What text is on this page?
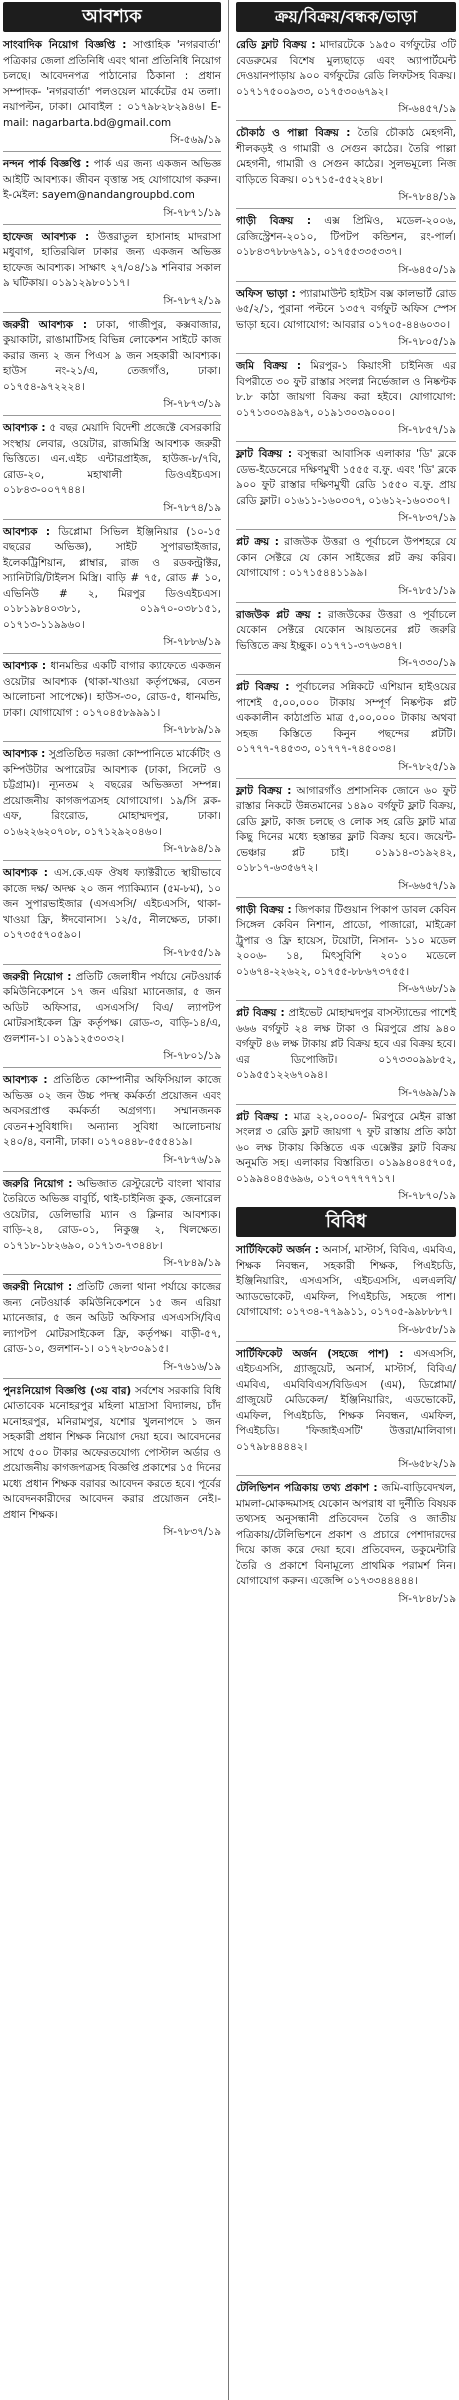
আবশ্যক
সাংবাদিক নিয়োগ বিজ্ঞপ্তি : সাপ্তাহিক 'নগরবার্তা' পত্রিকার জেলা প্রতিনিধি এবং থানা প্রতিনিধি নিয়োগ চলছে। আবেদনপত্র পাঠানোর ঠিকানা : প্রধান সম্পাদক- 'নগরবার্তা' পলওয়েল মার্কেটের ৫ম তলা। নয়াপল্টন, ঢাকা। মোবাইল : ০১৭৯৮২৮২৯৪৬। E-mail: nagarbarta.bd@gmail.com
সি-৫৬৯/১৯
নন্দন পার্ক বিজ্ঞপ্তি : পার্ক এর জন্য একজন অভিজ্ঞ আইটি আবশ্যক। জীবন বৃত্তান্ত সহ যোগাযোগ করুন। ই-মেইল: sayem@nandangroupbd.com
সি-৭৮৭১/১৯
হাফেজ আবশ্যক : উত্তরাতুল হাসানাহ মাদরাসা মধুবাগ, হাতিরঝিল ঢাকার জন্য একজন অভিজ্ঞ হাফেজ আবশ্যক। সাক্ষাৎ ২৭/০৪/১৯ শনিবার সকাল ৯ ঘটিকায়। ০১৯১২৯৮০১১৭।
সি-৭৮৭২/১৯
জরুরী আবশ্যক : ঢাকা, গাজীপুর, কক্সবাজার, কুয়াকাটা, রাঙামাটিসহ বিভিন্ন লোকেশন সাইটে কাজ করার জন্য ২ জন পিএস ৯ জন সহকারী আবশ্যক। হাউস নং-২১/এ, তেজগাঁও, ঢাকা। ০১৭৫৪-৯৭২২২৪।
সি-৭৮৭৩/১৯
আবশ্যক : ৫ বছর মেয়াদি বিদেশী প্রজেক্টে বেসরকারি সংস্থায় লেবার, ওয়েটার, রাজমিস্ত্রি আবশ্যক জরুরী ভিত্তিতে। এন.এইচ এন্টারপ্রাইজ, হাউজ-৮/৭বি, রোড-২০, মহাখালী ডিওএইচএস। ০১৮৪৩-০০৭৭৪৪।
সি-৭৮৭৪/১৯
আবশ্যক : ডিপ্লোমা সিভিল ইঞ্জিনিয়ার (১০-১৫ বছরের অভিজ্ঞ), সাইট সুপারভাইজার, ইলেকট্রিশিয়ান, প্লাম্বার, রাজ ও রডকন্ট্রাক্টর, স্যানিটারি/টাইলস মিস্ত্রি। বাড়ি # ৭৫, রোড # ১০, এভিনিউ # ২, মিরপুর ডিওএইচএস। ০১৮১৯৮৪০৩৮১, ০১৯৭০-০৩৮১৫১, ০১৭১৩-১১৯৯৬০।
সি-৭৮৮৬/১৯
আবশ্যক : ধানমন্ডির একটি বাগার ক্যাফেতে একজন ওয়েটার আবশ্যক (থাকা-খাওয়া কর্তৃপক্ষের, বেতন আলোচনা সাপেক্ষে)। হাউস-৩০, রোড-৫, ধানমন্ডি, ঢাকা। যোগাযোগ : ০১৭০৪৫৮৯৯৯১।
সি-৭৮৮৯/১৯
আবশ্যক : সুপ্রতিষ্ঠিত দরজা কোম্পানিতে মার্কেটিং ও কম্পিউটার অপারেটর আবশ্যক (ঢাকা, সিলেট ও চট্টগ্রাম)। ন্যূনতম ২ বছরের অভিজ্ঞতা সম্পন্ন। প্রয়োজনীয় কাগজপত্রসহ যোগাযোগ। ১৯/সি ব্লক-এফ, রিংরোড, মোহাম্মদপুর, ঢাকা। ০১৬২২৬২০৭০৮, ০১৭১২৯২০৪৬০।
সি-৭৮৯৪/১৯
আবশ্যক : এস.কে.এফ ঔষধ ফ্যাক্টরীতে স্থায়ীভাবে কাজে দক্ষ/ অদক্ষ ২০ জন প্যাকিম্যান (৫ম-৮ম), ১০ জন সুপারভাইজার (এসএসসি/ এইচএসসি, থাকা-খাওয়া ফ্রি, ঈদবোনাস। ১২/৫, নীলক্ষেত, ঢাকা। ০১৭৩৫৫৭০৫৯০।
সি-৭৮৫৫/১৯
জরুরী নিয়োগ : প্রতিটি জেলাধীন পর্যায়ে নেটওয়ার্ক কমিউনিকেশনে ১৭ জন এরিয়া ম্যানেজার, ৫ জন অডিট অফিসার, এসএসসি/ বিএ/ ল্যাপটপ মোটরসাইকেল ফ্রি কর্তৃপক্ষ। রোড-৩, বাড়ি-১৪/এ, গুলশান-১। ০১৯১২৫৩০৩২।
সি-৭৮০১/১৯
আবশ্যক : প্রতিষ্ঠিত কোম্পানীর অফিসিয়াল কাজে অভিজ্ঞ ০২ জন উচ্চ পদস্থ কর্মকর্তা প্রয়োজন এবং অবসরপ্রাপ্ত কর্মকর্তা অগ্রগণ্য। সম্মানজনক বেতন+সুবিধাদি। অন্যান্য সুবিধা আলোচনায় ২৪০/৪, বনানী, ঢাকা। ০১৭০৪৪৮-৫৫৫৪১৯।
সি-৭৮৭৬/১৯
জরুরি নিয়োগ : অভিজাত রেস্টুরেন্টে বাংলা খাবার তৈরিতে অভিজ্ঞ বাবুর্চি, থাই-চাইনিজ কুক, জেনারেল ওয়েটার, ডেলিভারি ম্যান ও ক্লিনার আবশ্যক। বাড়ি-২৪, রোড-০১, নিকুঞ্জ ২, খিলক্ষেত। ০১৭১৮-১৮২৬৯০, ০১৭১৩-৭৩৪৪৮।
সি-৭৮৪৯/১৯
জরুরী নিয়োগ : প্রতিটি জেলা থানা পর্যায়ে কাজের জন্য নেটওয়ার্ক কমিউনিকেশনে ১৫ জন এরিয়া ম্যানেজার, ৫ জন অডিট অফিসার এসএসসি/বিএ ল্যাপটপ মোটরসাইকেল ফ্রি, কর্তৃপক্ষ। বাড়ী-৫৭, রোড-১০, গুলশান-১। ০১৭২৮৩০৯১৫।
সি-৭৬১৬/১৯
পুনঃনিয়োগ বিজ্ঞপ্তি (৩য় বার) সর্বশেষ সরকারি বিধি মোতাবেক মনোহরপুর মহিলা মাদ্রাসা বিদ্যালয়, চাঁদ মনোহরপুর, মনিরামপুর, যশোর খুলনাপদে ১ জন সহকারী প্রধান শিক্ষক নিয়োগ দেয়া হবে। আবেদনের সাথে ৫০০ টাকার অফেরতযোগ্য পোস্টাল অর্ডার ও প্রয়োজনীয় কাগজপত্রসহ বিজ্ঞপ্তি প্রকাশের ১৫ দিনের মধ্যে প্রধান শিক্ষক বরাবর আবেদন করতে হবে। পূর্বের আবেদনকারীদের আবেদন করার প্রয়োজন নেই।-প্রধান শিক্ষক।
সি-৭৮৩৭/১৯
ক্রয়/বিক্রয়/বন্ধক/ভাড়া
রেডি ফ্লাট বিক্রয় : মাদারটেকে ১৯৫০ বর্গফুটের ৩টি বেডরুমের বিশেষ মুল্যছাড়ে এবং অ্যাপার্টমেন্ট দেওয়ানপাড়ায় ৯০০ বর্গফুটের রেডি লিফটসহ বিক্রয়। ০১৭১৭৫০০৯৩৩, ০১৭৫৩০৬৭৯২।
সি-৬৪৫৭/১৯
চৌকাঠ ও পাল্লা বিক্রয় : তৈরি চৌকাঠ মেহগনী, শীলকড়ই ও গামারী ও সেগুন কাঠের। তৈরি পাল্লা মেহগনী, গামারী ও সেগুন কাঠের। সুলভমূল্যে নিজ বাড়িতে বিক্রয়। ০১৭১৫-৫৫২২৪৮।
সি-৭৮৪৪/১৯
গাড়ী বিক্রয় : এক্স প্রিমিও, মডেল-২০০৬, রেজিস্ট্রেশন-২০১০, টিপটপ কন্ডিশন, রং-পার্ল। ০১৮৪৩৭৮৮৬৭৯১, ০১৭৫৫৩৩৫৩৩৭।
সি-৬৪৫০/১৯
অফিস ভাড়া : প্যারামাউন্ট হাইটস বক্স কালভার্ট রোড ৬৫/২/১, পুরানা পল্টনে ১৩৫৭ বর্গফুট অফিস স্পেস ভাড়া হবে। যোগাযোগ: আবরার ০১৭০৫-৪৪৬০৩০।
সি-৭৮০৫/১৯
জমি বিক্রয় : মিরপুর-১ কিয়াংসী চাইনিজ এর বিপরীতে ৩০ ফুট রাস্তার সংলগ্ন নির্ভেজাল ও নিষ্কণ্টক ৮.৮ কাঠা জায়গা বিক্রয় করা হইবে। যোগাযোগ: ০১৭১৩০৩৯৪৯৭, ০১৯১৩০৩৯০০০।
সি-৭৮৫৭/১৯
ফ্লাট বিক্রয় : বসুন্ধরা আবাসিক এলাকার 'ডি' ব্লকে ডেভ-ইডেনেরে দক্ষিণমুখী ১৫৫৫ ব.ফু. এবং 'ডি' ব্লকে ৯০০ ফুট রাস্তার দক্ষিণমুখী রেডি ১৫৫০ ব.ফু. প্রায় রেডি ফ্লাট। ০১৬১১-১৬০৩০৭, ০১৬১২-১৬০৩০৭।
সি-৭৮৩৭/১৯
প্লট ক্রয় : রাজউক উত্তরা ও পূর্বাচলে উপশহরে যে কোন সেক্টরে যে কোন সাইজের প্লট ক্রয় করিব। যোগাযোগ : ০১৭১৫৪৪১১৯৯।
সি-৭৮৫১/১৯
রাজউক প্লট ক্রয় : রাজউকের উত্তরা ও পূর্বাচলে যেকোন সেক্টরে যেকোন আয়তনের প্লট জরুরি ভিত্তিতে ক্রয় ইচ্ছুক। ০১৭৭১-৩৭৬৩৪৭।
সি-৭৩৩০/১৯
প্লট বিক্রয় : পূর্বাচলের সন্নিকটে এশিয়ান হাইওয়ের পাশেই ৫,০০,০০০ টাকায় সম্পূর্ণ নিষ্কণ্টক প্লট এককালীন কাঠাপ্রতি মাত্র ৫,০০,০০০ টাকায় অথবা সহজ কিস্তিতে কিনুন পছন্দের প্লটটি। ০১৭৭৭-৭৪৫৩৩, ০১৭৭৭-৭৪৫০৩৪।
সি-৭৮২৫/১৯
ফ্লাট বিক্রয় : আগারগাঁও প্রশাসনিক জোনে ৬০ ফুট রাস্তার নিকটে উন্নতমানের ১৪৯০ বর্গফুট ফ্লাট বিক্রয়, রেডি ফ্লাট, কাজ চলছে ও লোক সহ রেডি ফ্লাট মাত্র কিছু দিনের মধ্যে হস্তান্তর ফ্লাট বিক্রয় হবে। জয়েন্ট-ভেঞ্চার প্লট চাই। ০১৯১৪-৩১৯২৪২, ০১৮১৭-৬৩৫৬৭২।
সি-৬৬৫৭/১৯
গাড়ী বিক্রয় : জিপকার টিগুয়ান পিকাপ ডাবল কেবিন সিঙ্গেল কেবিন নিশান, প্রাডো, পাজারো, মাইক্রো ট্রুপার ও ফ্রি হায়েস, টয়োটা, নিসান- ১১০ মডেল ২০০৬- ১৪, মিৎসুবিশি ২০১০ মডেলে ০১৬৭৪-২২৬২২, ০১৭৫৫-৮৮৬৭৩৭৫৫।
সি-৬৭৬৮/১৯
প্লট বিক্রয় : প্রাইভেট মোহাম্মদপুর বাসস্ট্যান্ডের পাশেই ৬৬৬ বর্গফুট ২৪ লক্ষ টাকা ও মিরপুরে প্রায় ৯৪০ বর্গফুট ৪৬ লক্ষ টাকায় প্লট বিক্রয় হবে এর বিক্রয় হবে। এর ডিপোজিট। ০১৭৩৩০৯৯৮৫২, ০১৯৫৫১২২৬৭০৯৪।
সি-৭৬৯৯/১৯
প্লট বিক্রয় : মাত্র ২২,০০০০/- মিরপুরে মেইন রাস্তা সংলগ্ন ৩ রেডি ফ্লাট জায়গা ৭ ফুট রাস্তায় প্রতি কাঠা ৬০ লক্ষ টাকায় কিস্তিতে এক এক্সেক্টর ফ্লাট বিক্রয় অনুমতি সহ। এলাকার বিস্তারিত। ০১৯৯৪০৪৫৭০৫, ০১৯৯৪০৪৫৬৯৬, ০১৭০৭৭৭৭৭১৭।
সি-৭৮৭০/১৯
বিবিধ
সার্টিফিকেট অর্জন : অনার্স, মাস্টার্স, বিবিএ, এমবিএ, শিক্ষক নিবন্ধন, সহকারী শিক্ষক, পিএইচডি, ইঞ্জিনিয়ারিং, এসএসসি, এইচএসসি, এলএলবি/অ্যাডভোকেট, এমফিল, পিএইচডি, সহজে পাশ। যোগাযোগ: ০১৭৩৪-৭৭৯৯১১, ০১৭০৫-৯৯৮৮৮৭।
সি-৬৮৫৮/১৯
সার্টিফিকেট অর্জন (সহজে পাশ) : এসএসসি, এইচএসসি, গ্র্যাজুয়েট, অনার্স, মাস্টার্স, বিবিএ/এমবিএ, এমবিবিএস/বিডিএস (এম), ডিপ্লোমা/ গ্রাজুয়েট মেডিকেল/ ইঞ্জিনিয়ারিং, এডভোকেট, এমফিল, পিএইচডি, শিক্ষক নিবন্ধন, এমফিল, পিএইচডি। 'ফিজাইএসটি' উত্তরা/মালিবাগ। ০১৭৯৮৪৪৪৪২।
সি-৬৫৮২/১৯
টেলিভিশন পত্রিকায় তথ্য প্রকাশ : জমি-বাড়িবেদখল, মামলা-মোকদ্দমাসহ যেকোন অপরাধ বা দুর্নীতি বিষয়ক তথ্যসহ অনুসন্ধানী প্রতিবেদন তৈরি ও জাতীয় পত্রিকায়/টেলিভিশনে প্রকাশ ও প্রচারে পেশাদারদের দিয়ে কাজ করে দেয়া হবে। প্রতিবেদন, ডকুমেন্টারি তৈরি ও প্রকাশে বিনামূল্যে প্রাথমিক পরামর্শ নিন। যোগাযোগ করুন। এজেন্সি ০১৭৩৩৪৪৪৪৪।
সি-৭৮৪৮/১৯
